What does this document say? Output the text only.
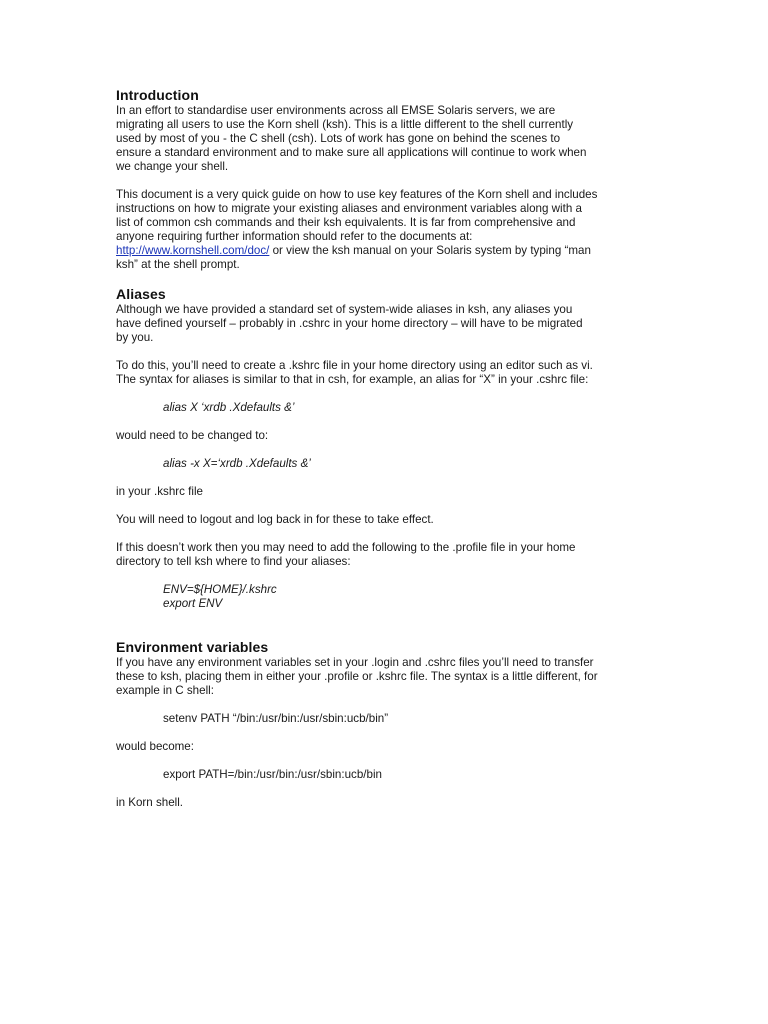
Introduction

In an effort to standardise user environments across all EMSE Solaris servers, we are
migrating all users to use the Korn shell (ksh). This is a little different to the shell currently
used by most of you - the C shell (csh). Lots of work has gone on behind the scenes to
ensure a standard environment and to make sure all applications will continue to work when
we change your shell.

This document is a very quick guide on how to use key features of the Korn shell and includes
instructions on how to migrate your existing aliases and environment variables along with a
list of common csh commands and their ksh equivalents. It is far from comprehensive and
anyone requiring further information should refer to the documents at:
http://www.kornshell.com/doc/ or view the ksh manual on your Solaris system by typing “man
ksh” at the shell prompt.

Aliases

Although we have provided a standard set of system-wide aliases in ksh, any aliases you
have defined yourself – probably in .cshrc in your home directory – will have to be migrated
by you.

To do this, you’ll need to create a .kshrc file in your home directory using an editor such as vi.
The syntax for aliases is similar to that in csh, for example, an alias for “X” in your .cshrc file:

alias X ‘xrdb .Xdefaults &’

would need to be changed to:

alias -x X=‘xrdb .Xdefaults &’

in your .kshrc file

You will need to logout and log back in for these to take effect.

If this doesn’t work then you may need to add the following to the .profile file in your home
directory to tell ksh where to find your aliases:

ENV=${HOME}/.kshrc
export ENV

Environment variables

If you have any environment variables set in your .login and .cshrc files you’ll need to transfer
these to ksh, placing them in either your .profile or .kshrc file. The syntax is a little different, for
example in C shell:

setenv PATH “/bin:/usr/bin:/usr/sbin:ucb/bin”

would become:

export PATH=/bin:/usr/bin:/usr/sbin:ucb/bin

in Korn shell.
